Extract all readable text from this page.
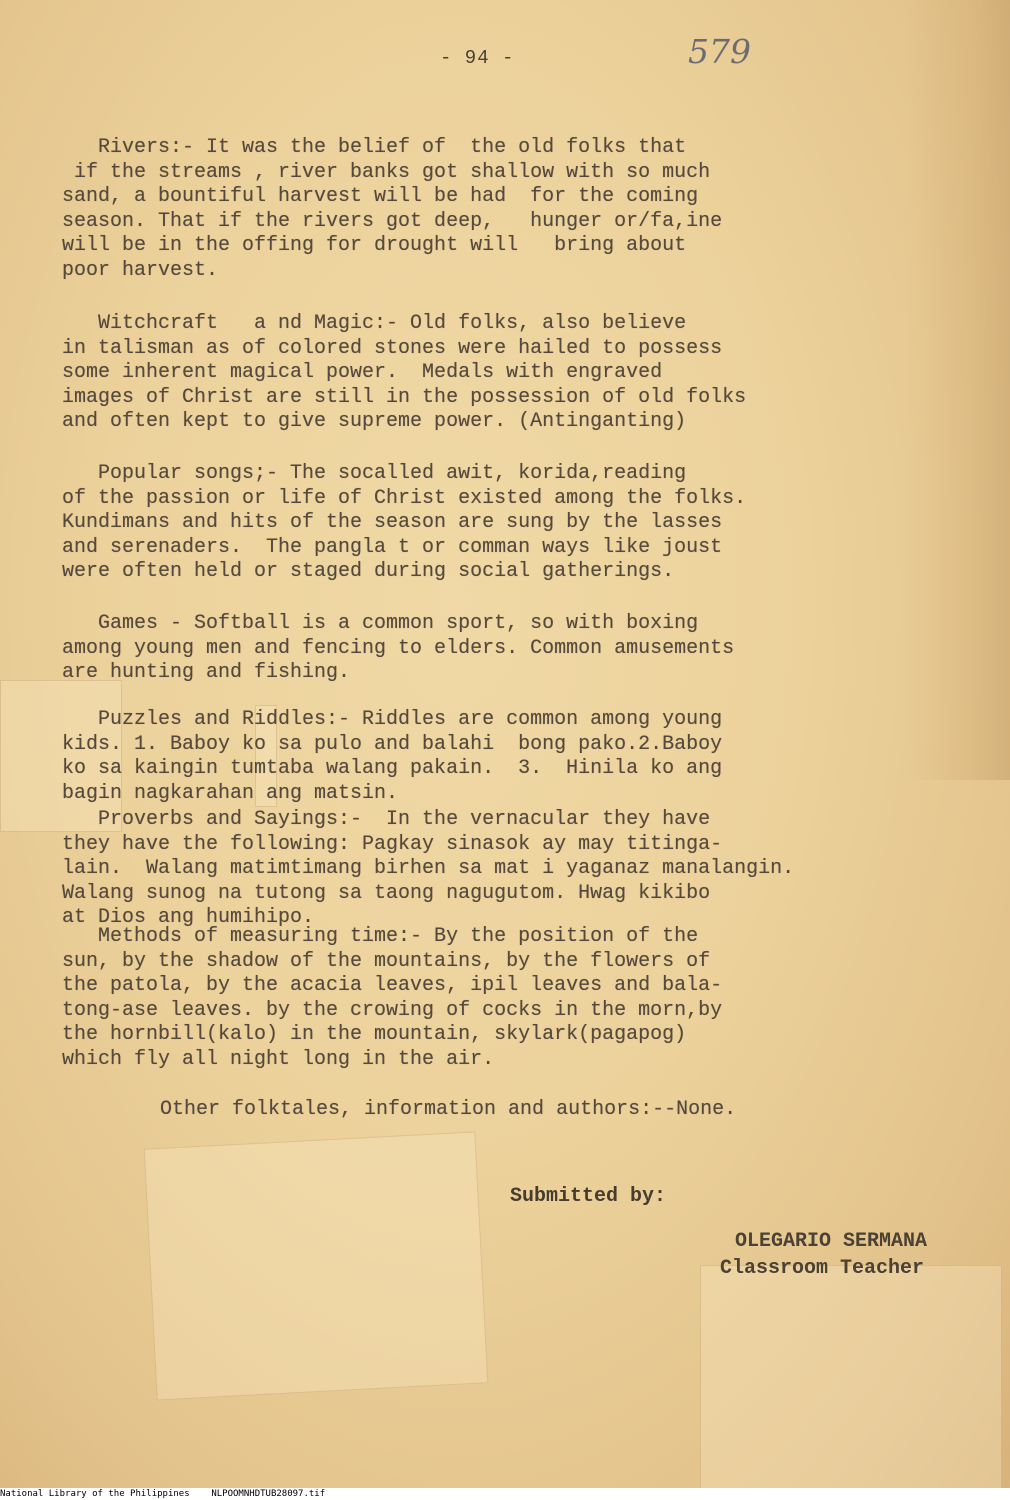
- 94 -	579
Rivers:- It was the belief of  the old folks that
if the streams , river banks got shallow with so much
sand, a bountiful harvest will be had  for the coming
season. That if the rivers got deep,   hunger or/fa,ine
will be in the offing for drought will   bring about
poor harvest.
Witchcraft   a nd Magic:- Old folks, also believe
in talisman as of colored stones were hailed to possess
some inherent magical power.  Medals with engraved
images of Christ are still in the possession of old folks
and often kept to give supreme power. (Antinganting)
Popular songs;- The socalled awit, korida,reading
of the passion or life of Christ existed among the folks.
Kundimans and hits of the season are sung by the lasses
and serenaders.  The pangla t or comman ways like joust
were often held or staged during social gatherings.
Games - Softball is a common sport, so with boxing
among young men and fencing to elders. Common amusements
are hunting and fishing.
Puzzles and Riddles:- Riddles are common among young
kids. 1. Baboy ko sa pulo and balahi  bong pako.2.Baboy
ko sa kaingin tumtaba walang pakain.  3.  Hinila ko ang
bagin nagkarahan ang matsin.
Proverbs and Sayings:-  In the vernacular they have
they have the following: Pagkay sinasok ay may titinga-
lain.  Walang matimtimang birhen sa mat i yaganaz manalangin.
Walang sunog na tutong sa taong nagugutom. Hwag kikibo
at Dios ang humihipo.
Methods of measuring time:- By the position of the
sun, by the shadow of the mountains, by the flowers of
the patola, by the acacia leaves, ipil leaves and bala-
tong-ase leaves. by the crowing of cocks in the morn,by
the hornbill(kalo) in the mountain, skylark(pagapog)
which fly all night long in the air.
Other folktales, information and authors:--None.
Submitted by:
OLEGARIO SERMANA
Classroom Teacher
National Library of the Philippines NLPOOMNHDTUB28097.tif
